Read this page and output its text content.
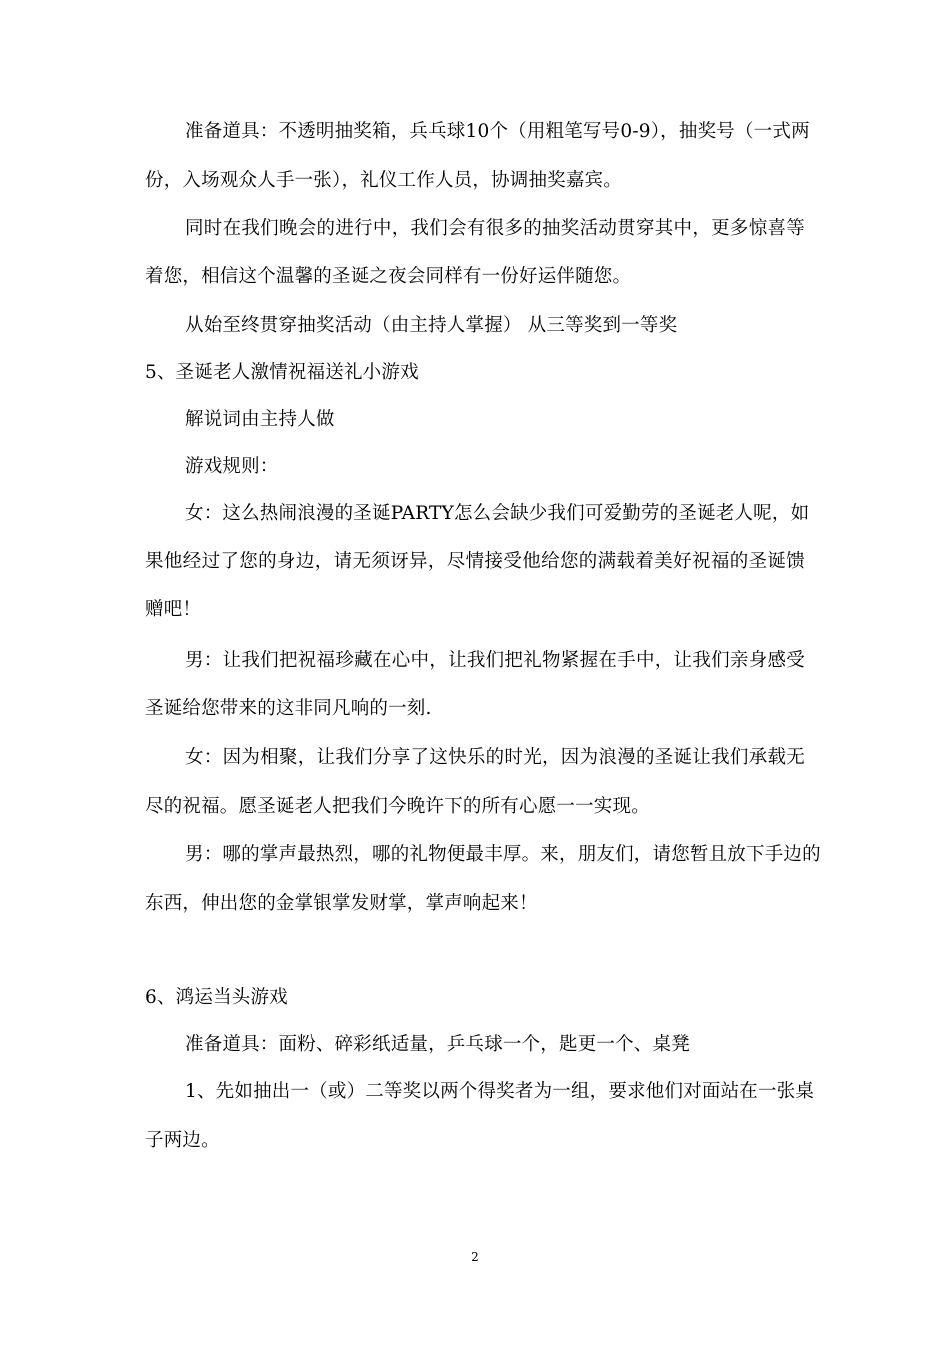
准备道具：不透明抽奖箱，兵乓球10个（用粗笔写号0-9），抽奖号（一式两
份，入场观众人手一张），礼仪工作人员，协调抽奖嘉宾。
同时在我们晚会的进行中，我们会有很多的抽奖活动贯穿其中，更多惊喜等
着您，相信这个温馨的圣诞之夜会同样有一份好运伴随您。
从始至终贯穿抽奖活动（由主持人掌握） 从三等奖到一等奖
5、圣诞老人激情祝福送礼小游戏
解说词由主持人做
游戏规则：
女：这么热闹浪漫的圣诞PARTY怎么会缺少我们可爱勤劳的圣诞老人呢，如
果他经过了您的身边，请无须讶异，尽情接受他给您的满载着美好祝福的圣诞馈
赠吧！
男：让我们把祝福珍藏在心中，让我们把礼物紧握在手中，让我们亲身感受
圣诞给您带来的这非同凡响的一刻.
女：因为相聚，让我们分享了这快乐的时光，因为浪漫的圣诞让我们承载无
尽的祝福。愿圣诞老人把我们今晚许下的所有心愿一一实现。
男：哪的掌声最热烈，哪的礼物便最丰厚。来，朋友们，请您暂且放下手边的
东西，伸出您的金掌银掌发财掌，掌声响起来！
6、鸿运当头游戏
准备道具：面粉、碎彩纸适量，乒乓球一个，匙更一个、桌凳
1、先如抽出一（或）二等奖以两个得奖者为一组，要求他们对面站在一张桌
子两边。
2
